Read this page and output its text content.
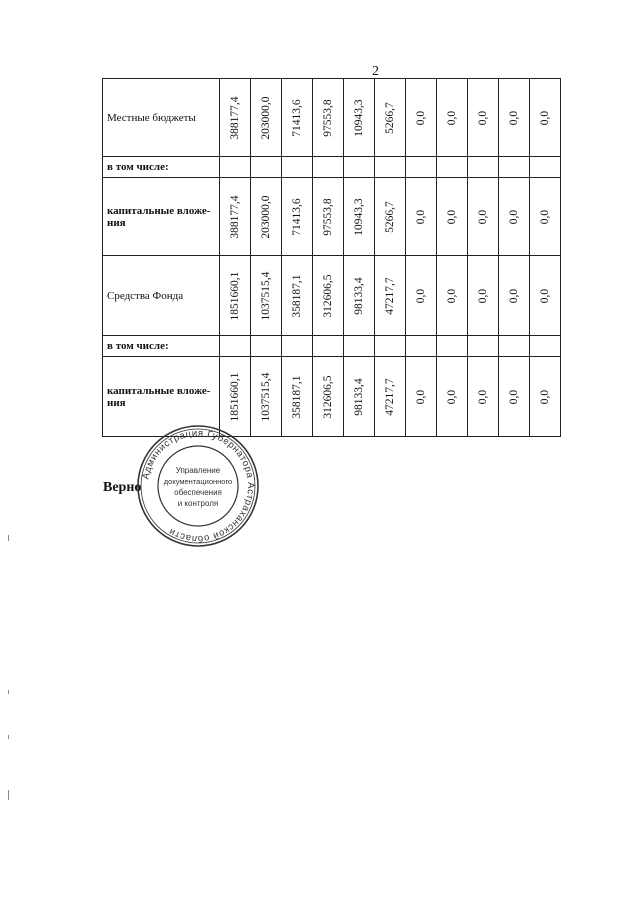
2
Местные бюджеты	388177,4	203000,0	71413,6	97553,8	10943,3	5266,7	0,0	0,0	0,0	0,0	0,0

в том числе:											
капитальные вложе-ния	388177,4	203000,0	71413,6	97553,8	10943,3	5266,7	0,0	0,0	0,0	0,0	0,0

Средства Фонда	1851660,1	1037515,4	358187,1	312606,5	98133,4	47217,7	0,0	0,0	0,0	0,0	0,0

в том числе:											
капитальные вложе-ния	1851660,1	1037515,4	358187,1	312606,5	98133,4	47217,7	0,0	0,0	0,0	0,0	0,0
Верно
Администрация Губернатора Астраханской области
Управление
документационного
обеспечения
и контроля
